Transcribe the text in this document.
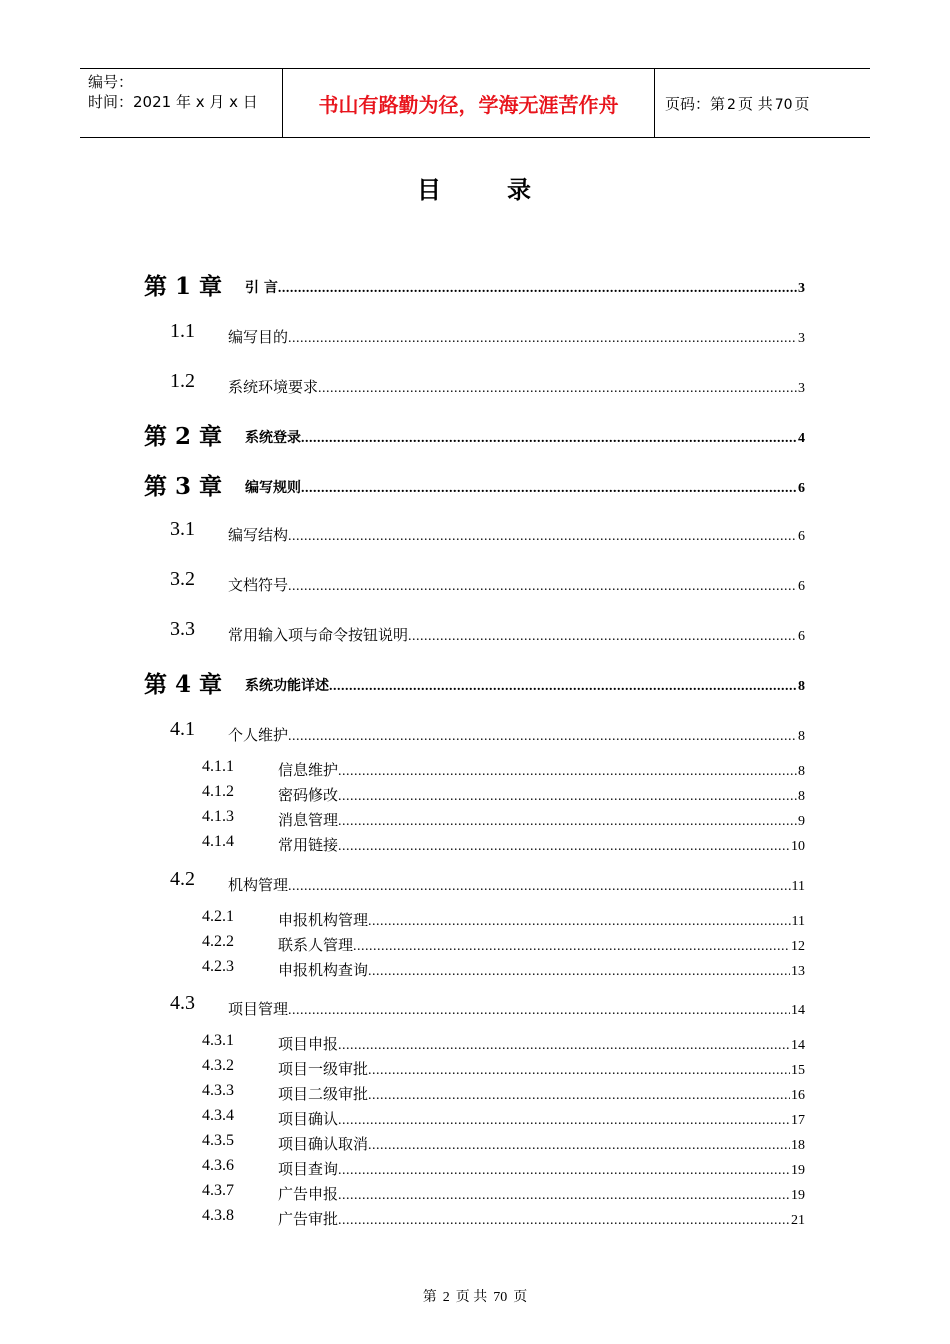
编号：
时间：2021 年 x 月 x 日	书山有路勤为径，学海无涯苦作舟	页码：第 2 页 共 70 页
目	录
第 1 章 引 言 .....	3
1.1 编写目的 .....	3
1.2 系统环境要求 .....	3
第 2 章 系统登录 .....	4
第 3 章 编写规则 .....	6
3.1 编写结构 .....	6
3.2 文档符号 .....	6
3.3 常用输入项与命令按钮说明 .....	6
第 4 章 系统功能详述 .....	8
4.1 个人维护 .....	8
4.1.1	信息维护 .....	8
4.1.2	密码修改 .....	8
4.1.3	消息管理 .....	9
4.1.4	常用链接 .....	10
4.2 机构管理 .....	11
4.2.1	申报机构管理 .....	11
4.2.2	联系人管理 .....	12
4.2.3	申报机构查询 .....	13
4.3 项目管理 .....	14
4.3.1	项目申报 .....	14
4.3.2	项目一级审批 .....	15
4.3.3	项目二级审批 .....	16
4.3.4	项目确认 .....	17
4.3.5	项目确认取消 .....	18
4.3.6	项目查询 .....	19
4.3.7	广告申报 .....	19
4.3.8	广告审批 .....	21
第 2 页 共 70 页
